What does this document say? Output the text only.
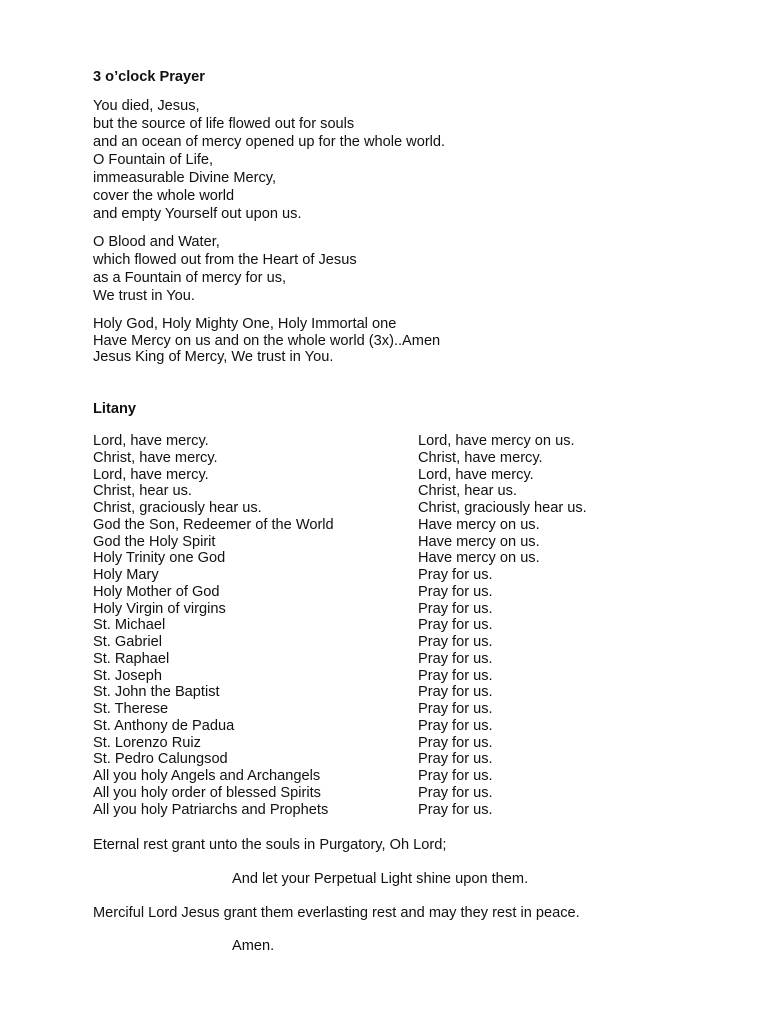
3 o’clock Prayer
You died, Jesus,
but the source of life flowed out for souls
and an ocean of mercy opened up for the whole world.
O Fountain of Life,
immeasurable Divine Mercy,
cover the whole world
and empty Yourself out upon us.
O Blood and Water,
which flowed out from the Heart of Jesus
as a Fountain of mercy for us,
We trust in You.
Holy God, Holy Mighty One, Holy Immortal one
Have Mercy on us and on the whole world (3x)..Amen
Jesus King of Mercy, We trust in You.
Litany
Lord, have mercy.	Lord, have mercy on us.
Christ, have mercy.	Christ, have mercy.
Lord, have mercy.	Lord, have mercy.
Christ, hear us.	Christ, hear us.
Christ, graciously hear us.	Christ, graciously hear us.
God the Son, Redeemer of the World	Have mercy on us.
God the Holy Spirit	Have mercy on us.
Holy Trinity one God	Have mercy on us.
Holy Mary	Pray for us.
Holy Mother of God	Pray for us.
Holy Virgin of virgins	Pray for us.
St. Michael	Pray for us.
St. Gabriel	Pray for us.
St. Raphael	Pray for us.
St. Joseph	Pray for us.
St. John the Baptist	Pray for us.
St. Therese	Pray for us.
St. Anthony de Padua	Pray for us.
St. Lorenzo Ruiz	Pray for us.
St. Pedro Calungsod	Pray for us.
All you holy Angels and Archangels	Pray for us.
All you holy order of blessed Spirits	Pray for us.
All you holy Patriarchs and Prophets	Pray for us.

Eternal rest grant unto the souls in Purgatory, Oh Lord;

And let your Perpetual Light shine upon them.

Merciful Lord Jesus grant them everlasting rest and may they rest in peace.

Amen.
